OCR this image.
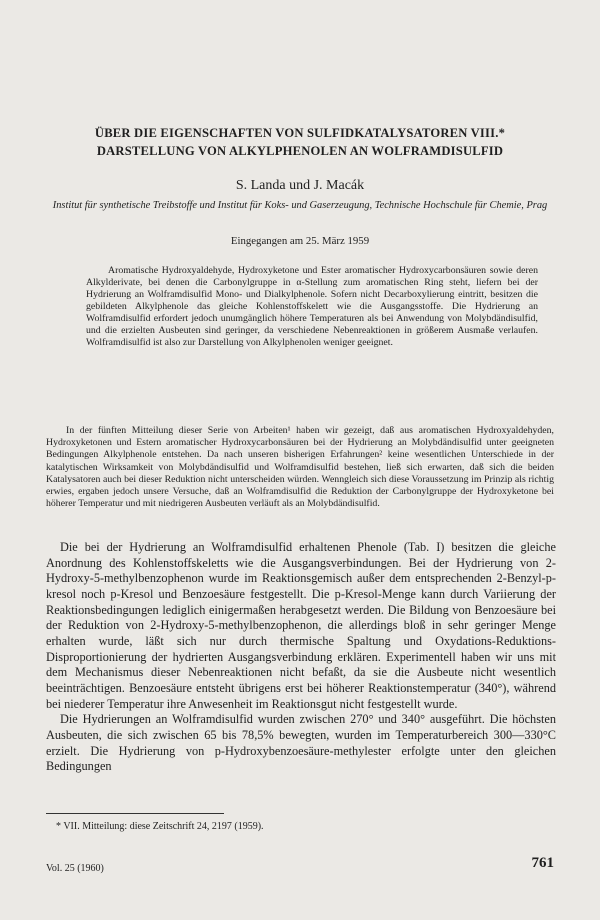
ÜBER DIE EIGENSCHAFTEN VON SULFIDKATALYSATOREN VIII.*
DARSTELLUNG VON ALKYLPHENOLEN AN WOLFRAMDISULFID
S. Landa und J. Macák
Institut für synthetische Treibstoffe und Institut für Koks- und Gaserzeugung, Technische Hochschule für Chemie, Prag
Eingegangen am 25. März 1959

Aromatische Hydroxyaldehyde, Hydroxyketone und Ester aromatischer Hydroxycarbonsäuren sowie deren Alkylderivate, bei denen die Carbonylgruppe in α-Stellung zum aromatischen Ring steht, liefern bei der Hydrierung an Wolframdisulfid Mono- und Dialkylphenole. Sofern nicht Decarboxylierung eintritt, besitzen die gebildeten Alkylphenole das gleiche Kohlenstoffskelett wie die Ausgangsstoffe. Die Hydrierung an Wolframdisulfid erfordert jedoch unumgänglich höhere Temperaturen als bei Anwendung von Molybdändisulfid, und die erzielten Ausbeuten sind geringer, da verschiedene Nebenreaktionen in größerem Ausmaße verlaufen. Wolframdisulfid ist also zur Darstellung von Alkylphenolen weniger geeignet.

In der fünften Mitteilung dieser Serie von Arbeiten¹ haben wir gezeigt, daß aus aromatischen Hydroxyaldehyden, Hydroxyketonen und Estern aromatischer Hydroxycarbonsäuren bei der Hydrierung an Molybdändisulfid unter geeigneten Bedingungen Alkylphenole entstehen. Da nach unseren bisherigen Erfahrungen² keine wesentlichen Unterschiede in der katalytischen Wirksamkeit von Molybdändisulfid und Wolframdisulfid bestehen, ließ sich erwarten, daß sich die beiden Katalysatoren auch bei dieser Reduktion nicht unterscheiden würden. Wenngleich sich diese Voraussetzung im Prinzip als richtig erwies, ergaben jedoch unsere Versuche, daß an Wolframdisulfid die Reduktion der Carbonylgruppe der Hydroxyketone bei höherer Temperatur und mit niedrigeren Ausbeuten verläuft als an Molybdändisulfid.

Die bei der Hydrierung an Wolframdisulfid erhaltenen Phenole (Tab. I) besitzen die gleiche Anordnung des Kohlenstoffskeletts wie die Ausgangsverbindungen. Bei der Hydrierung von 2-Hydroxy-5-methylbenzophenon wurde im Reaktionsgemisch außer dem entsprechenden 2-Benzyl-p-kresol noch p-Kresol und Benzoesäure festgestellt. Die p-Kresol-Menge kann durch Variierung der Reaktionsbedingungen lediglich einigermaßen herabgesetzt werden. Die Bildung von Benzoesäure bei der Reduktion von 2-Hydroxy-5-methylbenzophenon, die allerdings bloß in sehr geringer Menge erhalten wurde, läßt sich nur durch thermische Spaltung und Oxydations-Reduktions-Disproportionierung der hydrierten Ausgangsverbindung erklären. Experimentell haben wir uns mit dem Mechanismus dieser Nebenreaktionen nicht befaßt, da sie die Ausbeute nicht wesentlich beeinträchtigen. Benzoesäure entsteht übrigens erst bei höherer Reaktionstemperatur (340°), während bei niederer Temperatur ihre Anwesenheit im Reaktionsgut nicht festgestellt wurde.

Die Hydrierungen an Wolframdisulfid wurden zwischen 270° und 340° ausgeführt. Die höchsten Ausbeuten, die sich zwischen 65 bis 78,5% bewegten, wurden im Temperaturbereich 300—330°C erzielt. Die Hydrierung von p-Hydroxybenzoesäure-methylester erfolgte unter den gleichen Bedingungen

* VII. Mitteilung: diese Zeitschrift 24, 2197 (1959).
Vol. 25 (1960)	761
